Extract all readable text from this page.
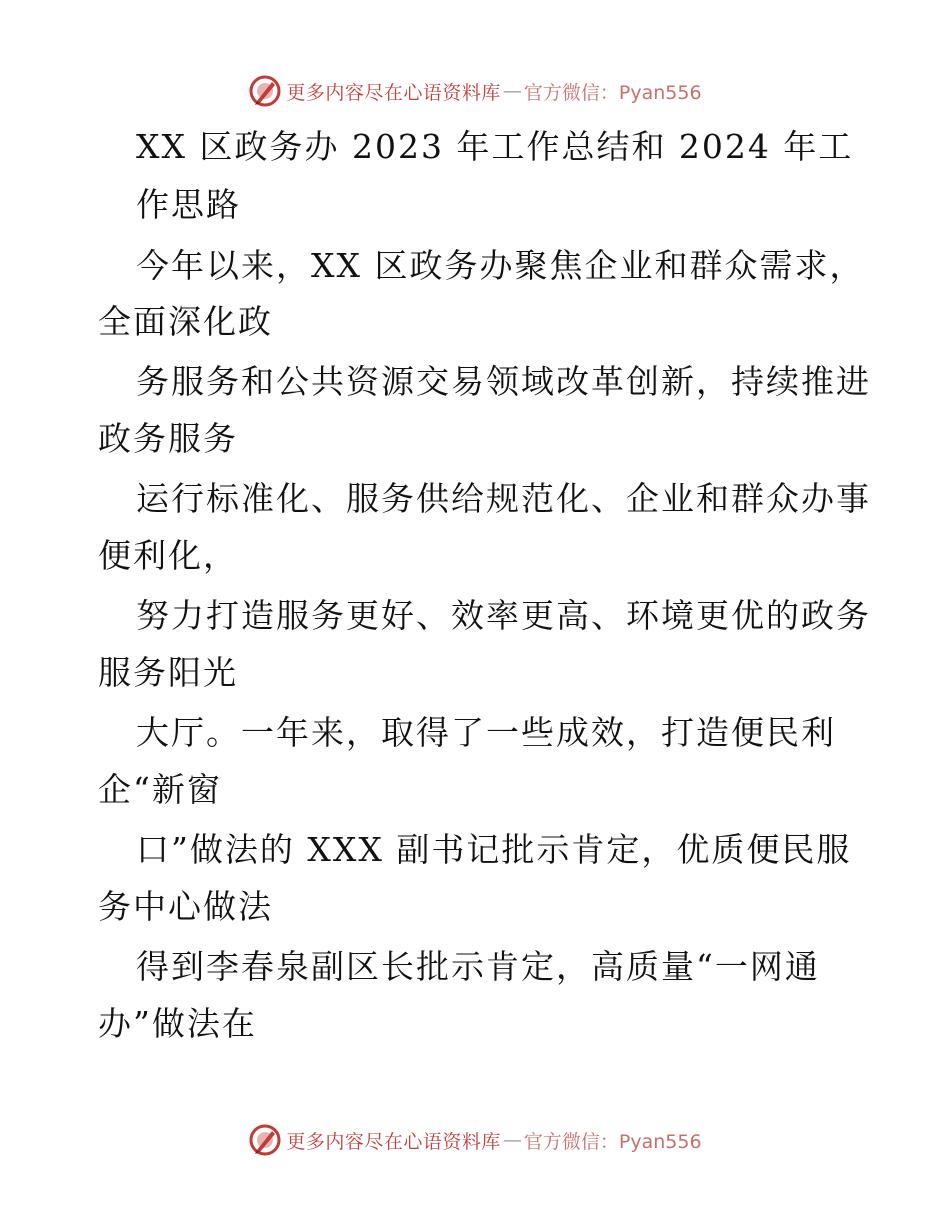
更多内容尽在心语资料库 — 官方微信：Pyan556
XX 区政务办 2023 年工作总结和 2024 年工
作思路
今年以来，XX 区政务办聚焦企业和群众需求，
全面深化政
务服务和公共资源交易领域改革创新，持续推进
政务服务
运行标准化、服务供给规范化、企业和群众办事
便利化，
努力打造服务更好、效率更高、环境更优的政务
服务阳光
大厅。一年来，取得了一些成效，打造便民利
企“新窗
口”做法的 XXX 副书记批示肯定，优质便民服
务中心做法
得到李春泉副区长批示肯定，高质量“一网通
办”做法在
更多内容尽在心语资料库 — 官方微信：Pyan556
